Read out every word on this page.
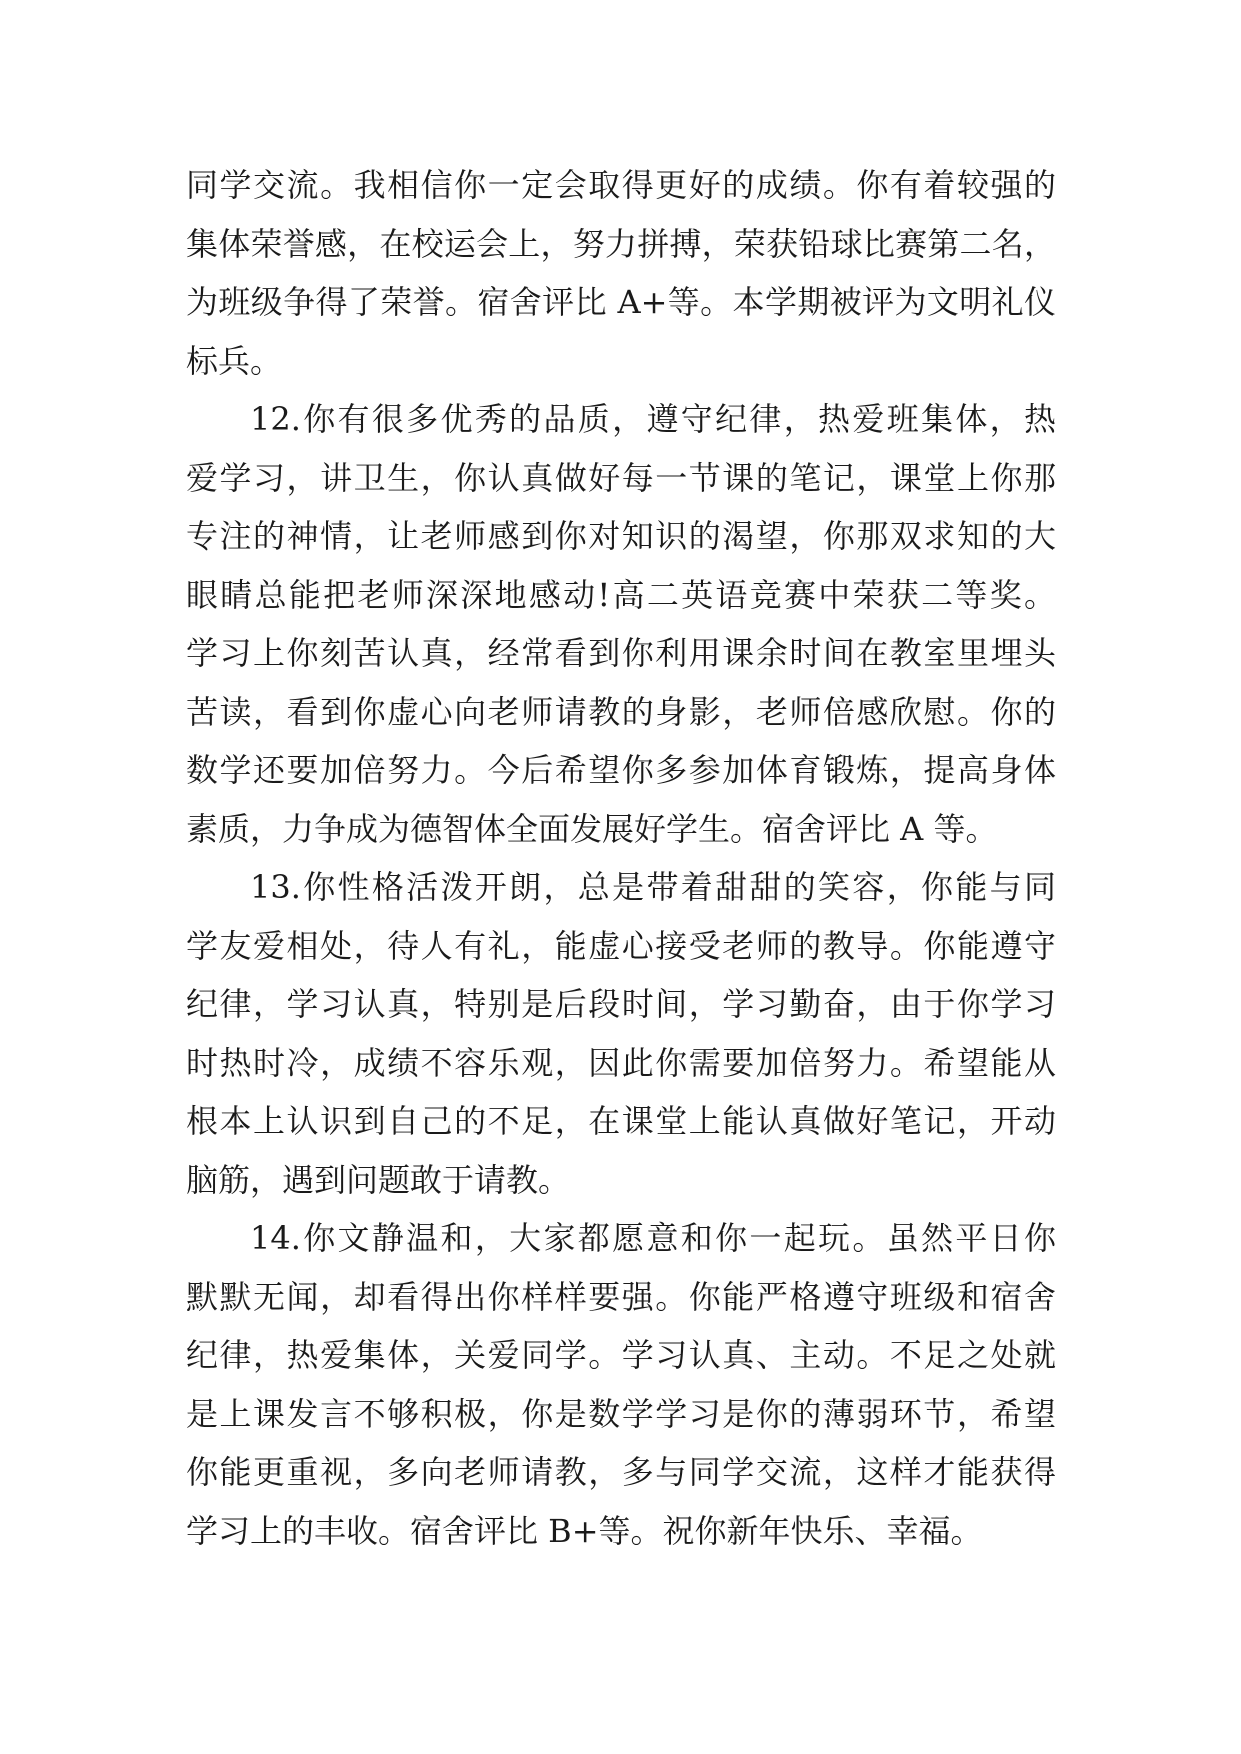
同学交流。我相信你一定会取得更好的成绩。你有着较强的
集体荣誉感，在校运会上，努力拼搏，荣获铅球比赛第二名，
为班级争得了荣誉。宿舍评比 A+等。本学期被评为文明礼仪
标兵。
12.你有很多优秀的品质，遵守纪律，热爱班集体，热
爱学习，讲卫生，你认真做好每一节课的笔记，课堂上你那
专注的神情，让老师感到你对知识的渴望，你那双求知的大
眼睛总能把老师深深地感动!高二英语竞赛中荣获二等奖。
学习上你刻苦认真，经常看到你利用课余时间在教室里埋头
苦读，看到你虚心向老师请教的身影，老师倍感欣慰。你的
数学还要加倍努力。今后希望你多参加体育锻炼，提高身体
素质，力争成为德智体全面发展好学生。宿舍评比 A 等。
13.你性格活泼开朗，总是带着甜甜的笑容，你能与同
学友爱相处，待人有礼，能虚心接受老师的教导。你能遵守
纪律，学习认真，特别是后段时间，学习勤奋，由于你学习
时热时冷，成绩不容乐观，因此你需要加倍努力。希望能从
根本上认识到自己的不足，在课堂上能认真做好笔记，开动
脑筋，遇到问题敢于请教。
14.你文静温和，大家都愿意和你一起玩。虽然平日你
默默无闻，却看得出你样样要强。你能严格遵守班级和宿舍
纪律，热爱集体，关爱同学。学习认真、主动。不足之处就
是上课发言不够积极，你是数学学习是你的薄弱环节，希望
你能更重视，多向老师请教，多与同学交流，这样才能获得
学习上的丰收。宿舍评比 B+等。祝你新年快乐、幸福。
